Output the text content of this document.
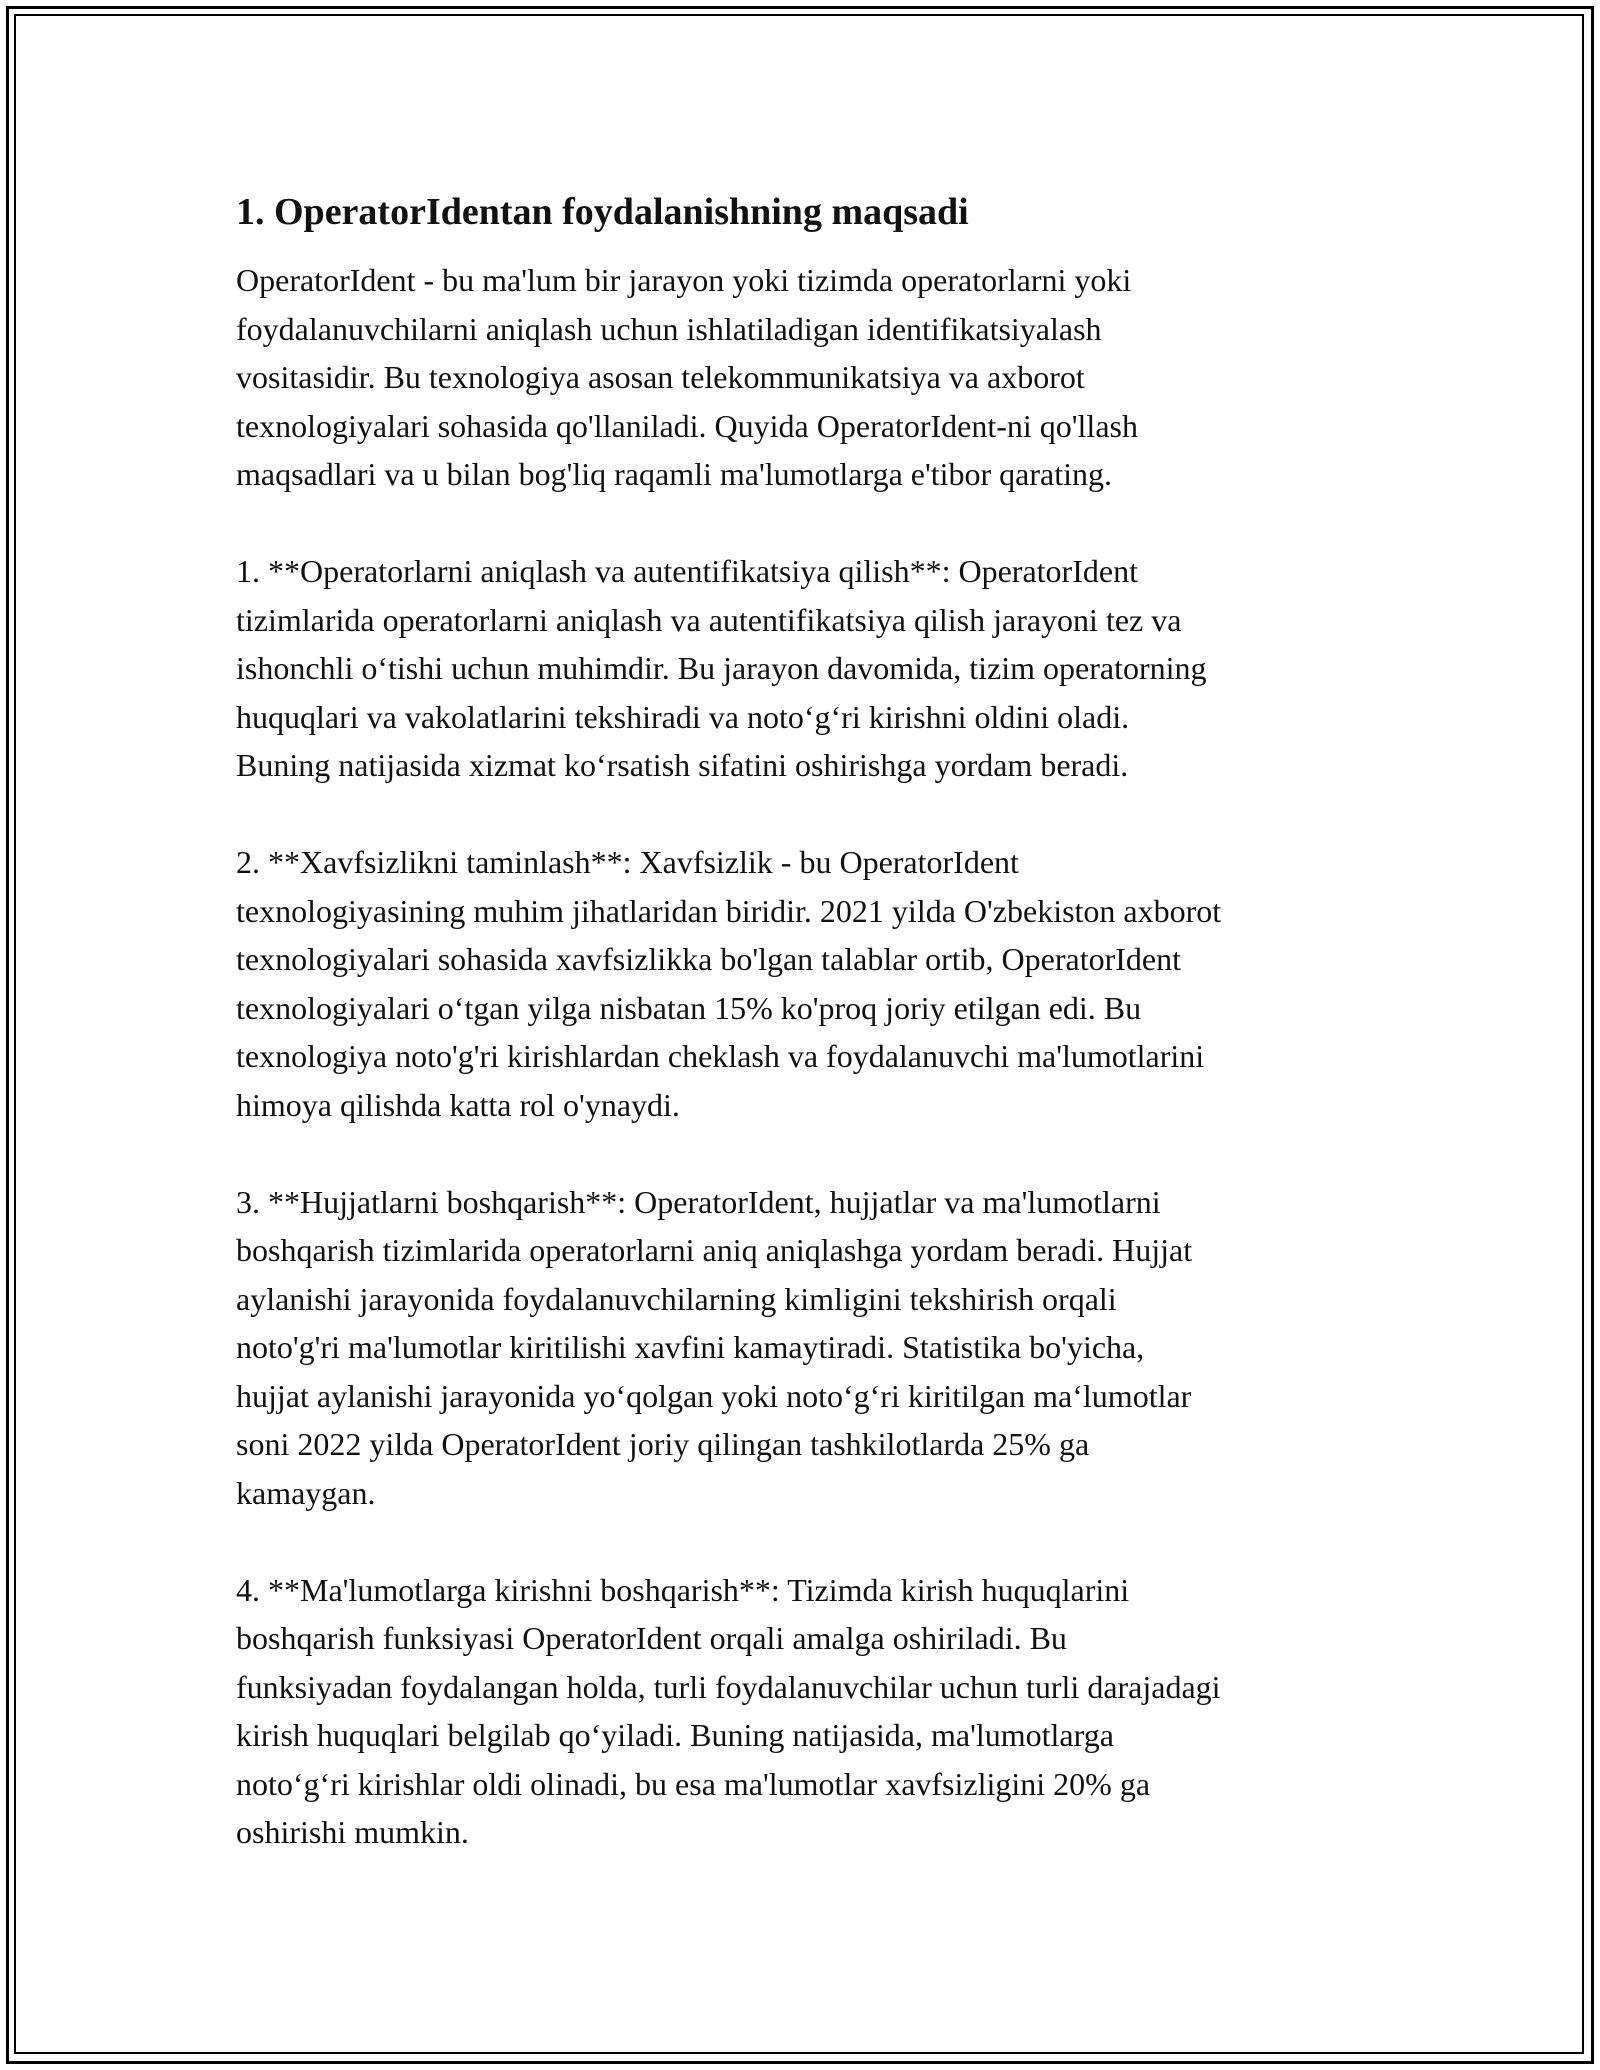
1. OperatorIdentan foydalanishning maqsadi

OperatorIdent - bu ma'lum bir jarayon yoki tizimda operatorlarni yoki
foydalanuvchilarni aniqlash uchun ishlatiladigan identifikatsiyalash
vositasidir. Bu texnologiya asosan telekommunikatsiya va axborot
texnologiyalari sohasida qo'llaniladi. Quyida OperatorIdent-ni qo'llash
maqsadlari va u bilan bog'liq raqamli ma'lumotlarga e'tibor qarating.

1. **Operatorlarni aniqlash va autentifikatsiya qilish**: OperatorIdent
tizimlarida operatorlarni aniqlash va autentifikatsiya qilish jarayoni tez va
ishonchli oʻtishi uchun muhimdir. Bu jarayon davomida, tizim operatorning
huquqlari va vakolatlarini tekshiradi va notoʻgʻri kirishni oldini oladi.
Buning natijasida xizmat koʻrsatish sifatini oshirishga yordam beradi.

2. **Xavfsizlikni taminlash**: Xavfsizlik - bu OperatorIdent
texnologiyasining muhim jihatlaridan biridir. 2021 yilda O'zbekiston axborot
texnologiyalari sohasida xavfsizlikka bo'lgan talablar ortib, OperatorIdent
texnologiyalari oʻtgan yilga nisbatan 15% ko'proq joriy etilgan edi. Bu
texnologiya noto'g'ri kirishlardan cheklash va foydalanuvchi ma'lumotlarini
himoya qilishda katta rol o'ynaydi.

3. **Hujjatlarni boshqarish**: OperatorIdent, hujjatlar va ma'lumotlarni
boshqarish tizimlarida operatorlarni aniq aniqlashga yordam beradi. Hujjat
aylanishi jarayonida foydalanuvchilarning kimligini tekshirish orqali
noto'g'ri ma'lumotlar kiritilishi xavfini kamaytiradi. Statistika bo'yicha,
hujjat aylanishi jarayonida yoʻqolgan yoki notoʻgʻri kiritilgan maʻlumotlar
soni 2022 yilda OperatorIdent joriy qilingan tashkilotlarda 25% ga
kamaygan.

4. **Ma'lumotlarga kirishni boshqarish**: Tizimda kirish huquqlarini
boshqarish funksiyasi OperatorIdent orqali amalga oshiriladi. Bu
funksiyadan foydalangan holda, turli foydalanuvchilar uchun turli darajadagi
kirish huquqlari belgilab qoʻyiladi. Buning natijasida, ma'lumotlarga
notoʻgʻri kirishlar oldi olinadi, bu esa ma'lumotlar xavfsizligini 20% ga
oshirishi mumkin.
